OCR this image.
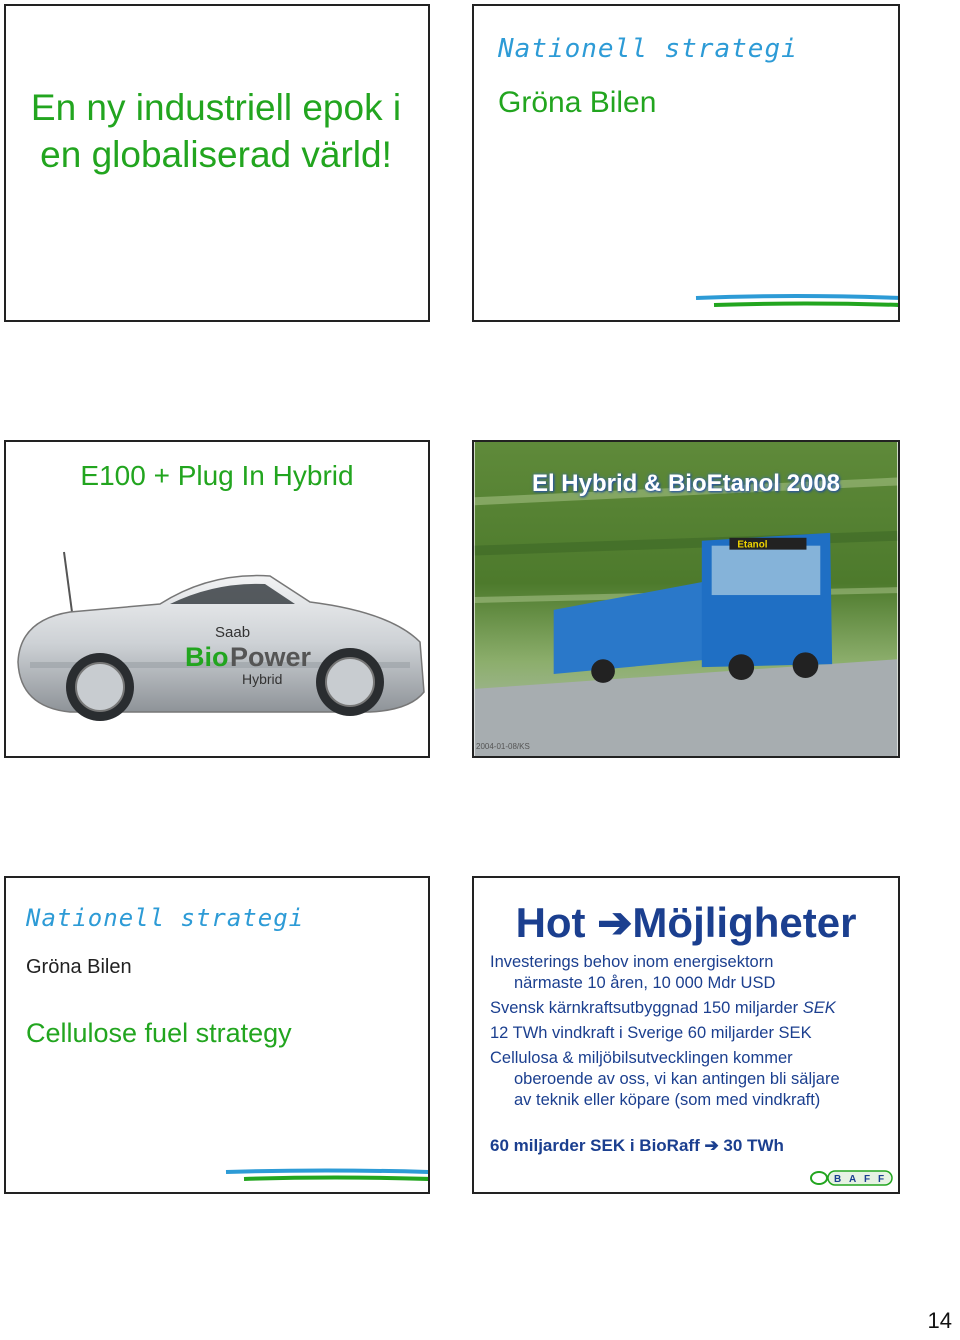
En ny industriell epok i en globaliserad värld!
Nationell strategi
Gröna Bilen
E100 + Plug In Hybrid
Saab
Bio Power
Hybrid
Etanol
El Hybrid & BioEtanol 2008
Nationell strategi
Gröna Bilen
Cellulose fuel strategy
Hot ➔Möjligheter
Investerings behov inom energisektorn
närmaste 10 åren, 10 000 Mdr USD
Svensk kärnkraftsutbyggnad 150 miljarder SEK
12 TWh vindkraft i Sverige 60 miljarder SEK
Cellulosa & miljöbilsutvecklingen kommer
oberoende av oss, vi kan antingen bli säljare
av teknik eller köpare (som med vindkraft)
60 miljarder SEK i BioRaff ➔ 30 TWh
B A F F
2004-01-08/KS
14
